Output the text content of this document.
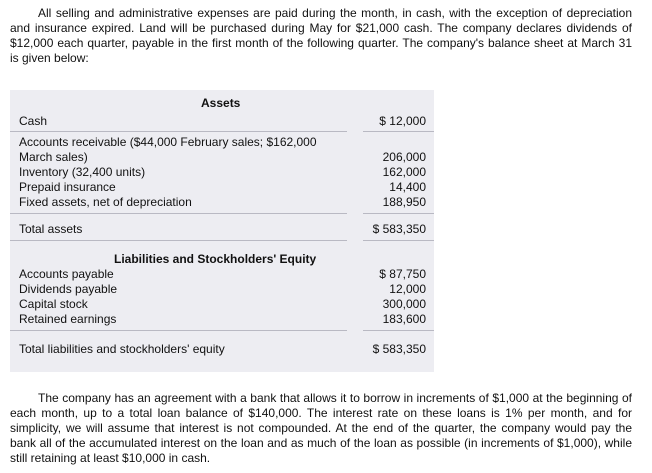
All selling and administrative expenses are paid during the month, in cash, with the exception of depreciation and insurance expired. Land will be purchased during May for $21,000 cash. The company declares dividends of $12,000 each quarter, payable in the first month of the following quarter. The company's balance sheet at March 31 is given below:

Assets
Cash	$ 12,000
Accounts receivable ($44,000 February sales; $162,000
March sales)	206,000
Inventory (32,400 units)	162,000
Prepaid insurance	14,400
Fixed assets, net of depreciation	188,950
Total assets	$ 583,350
Liabilities and Stockholders' Equity
Accounts payable	$ 87,750
Dividends payable	12,000
Capital stock	300,000
Retained earnings	183,600
Total liabilities and stockholders' equity	$ 583,350

The company has an agreement with a bank that allows it to borrow in increments of $1,000 at the beginning of each month, up to a total loan balance of $140,000. The interest rate on these loans is 1% per month, and for simplicity, we will assume that interest is not compounded. At the end of the quarter, the company would pay the bank all of the accumulated interest on the loan and as much of the loan as possible (in increments of $1,000), while still retaining at least $10,000 in cash.
